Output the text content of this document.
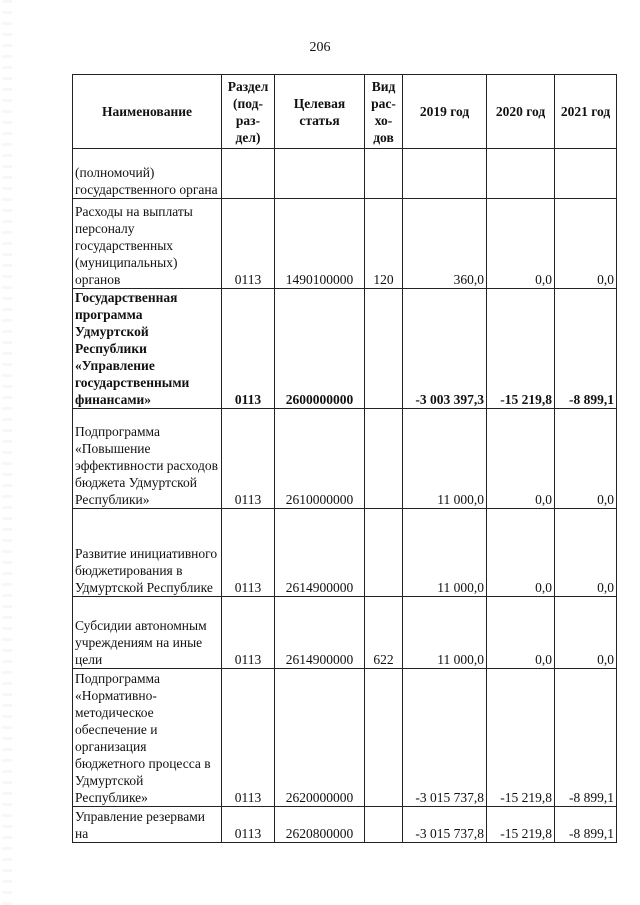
206
Наименование	Раздел (под- раз- дел)	Целевая статья	Вид рас- хо- дов	2019 год	2020 год	2021 год
(полномочий) государственного органа						
Расходы на выплаты персоналу государственных (муниципальных) органов	0113	1490100000	120	360,0	0,0	0,0
Государственная программа Удмуртской Республики «Управление государственными финансами»	0113	2600000000		-3 003 397,3	-15 219,8	-8 899,1
Подпрограмма «Повышение эффективности расходов бюджета Удмуртской Республики»	0113	2610000000		11 000,0	0,0	0,0
Развитие инициативного бюджетирования в Удмуртской Республике	0113	2614900000		11 000,0	0,0	0,0
Субсидии автономным учреждениям на иные цели	0113	2614900000	622	11 000,0	0,0	0,0
Подпрограмма «Нормативно-методическое обеспечение и организация бюджетного процесса в Удмуртской Республике»	0113	2620000000		-3 015 737,8	-15 219,8	-8 899,1
Управление резервами на	0113	2620800000		-3 015 737,8	-15 219,8	-8 899,1
